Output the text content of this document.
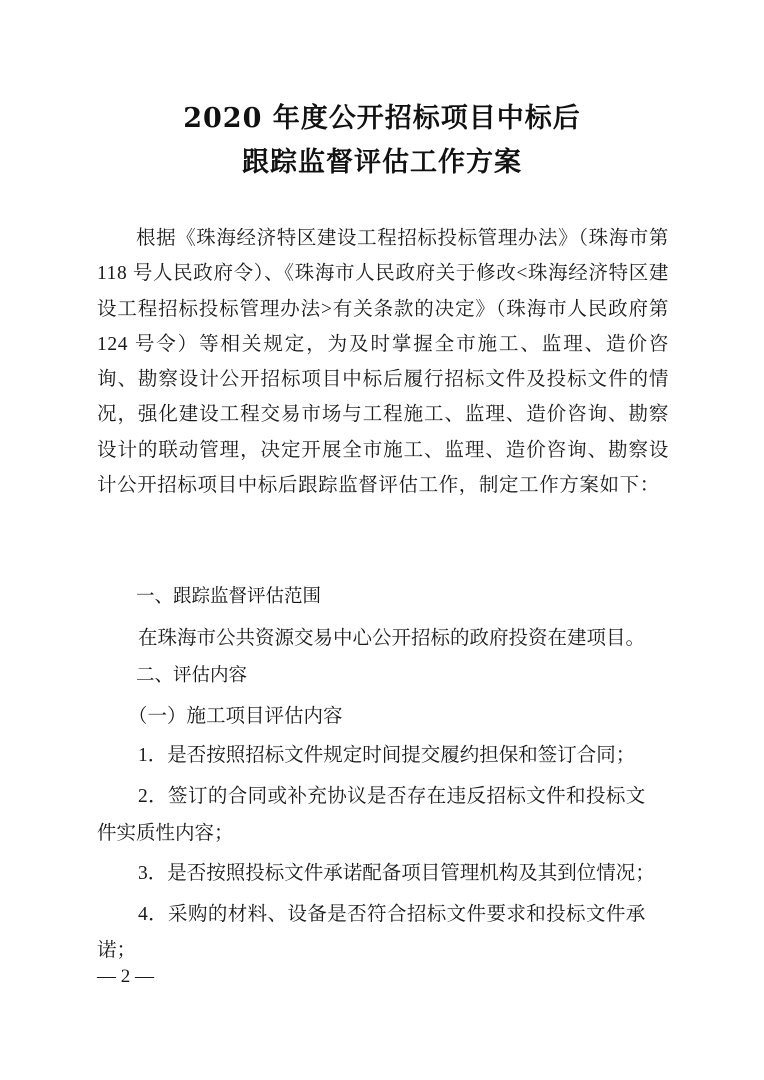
2020 年度公开招标项目中标后
跟踪监督评估工作方案
根据《珠海经济特区建设工程招标投标管理办法》（珠海市第 118 号人民政府令）、《珠海市人民政府关于修改<珠海经济特区建设工程招标投标管理办法>有关条款的决定》（珠海市人民政府第 124 号令）等相关规定，为及时掌握全市施工、监理、造价咨询、勘察设计公开招标项目中标后履行招标文件及投标文件的情况，强化建设工程交易市场与工程施工、监理、造价咨询、勘察设计的联动管理，决定开展全市施工、监理、造价咨询、勘察设计公开招标项目中标后跟踪监督评估工作，制定工作方案如下：
一、跟踪监督评估范围
在珠海市公共资源交易中心公开招标的政府投资在建项目。
二、评估内容
（一）施工项目评估内容
1．是否按照招标文件规定时间提交履约担保和签订合同；
2．签订的合同或补充协议是否存在违反招标文件和投标文
件实质性内容；
3．是否按照投标文件承诺配备项目管理机构及其到位情况；
4．采购的材料、设备是否符合招标文件要求和投标文件承
诺；
— 2 —
